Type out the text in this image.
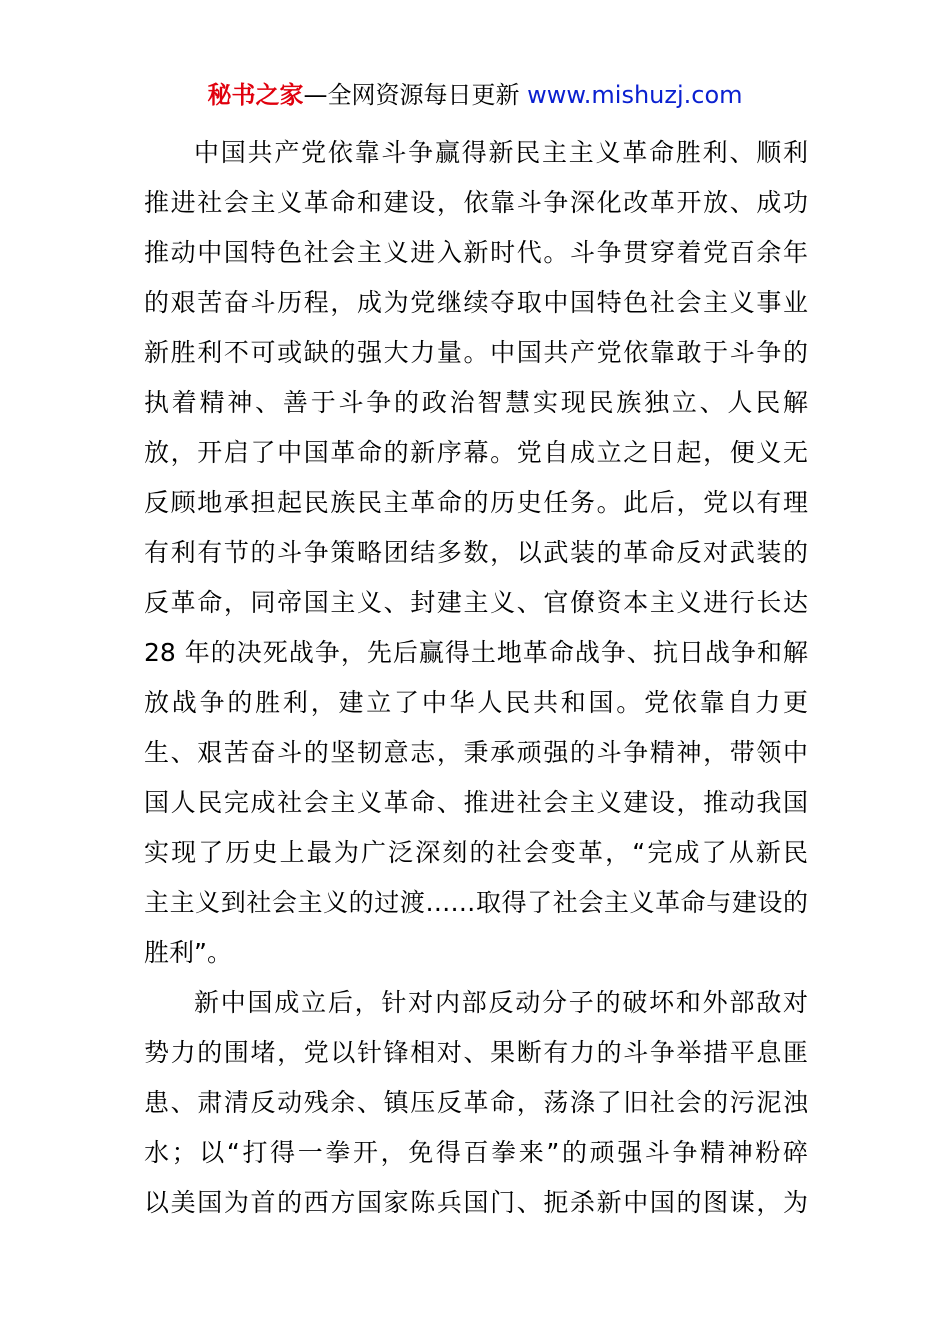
秘书之家—全网资源每日更新 www.mishuzj.com
中国共产党依靠斗争赢得新民主主义革命胜利、顺利
推进社会主义革命和建设，依靠斗争深化改革开放、成功
推动中国特色社会主义进入新时代。斗争贯穿着党百余年
的艰苦奋斗历程，成为党继续夺取中国特色社会主义事业
新胜利不可或缺的强大力量。中国共产党依靠敢于斗争的
执着精神、善于斗争的政治智慧实现民族独立、人民解
放，开启了中国革命的新序幕。党自成立之日起，便义无
反顾地承担起民族民主革命的历史任务。此后，党以有理
有利有节的斗争策略团结多数，以武装的革命反对武装的
反革命，同帝国主义、封建主义、官僚资本主义进行长达
28 年的决死战争，先后赢得土地革命战争、抗日战争和解
放战争的胜利，建立了中华人民共和国。党依靠自力更
生、艰苦奋斗的坚韧意志，秉承顽强的斗争精神，带领中
国人民完成社会主义革命、推进社会主义建设，推动我国
实现了历史上最为广泛深刻的社会变革，“完成了从新民
主主义到社会主义的过渡……取得了社会主义革命与建设的
胜利”。
新中国成立后，针对内部反动分子的破坏和外部敌对
势力的围堵，党以针锋相对、果断有力的斗争举措平息匪
患、肃清反动残余、镇压反革命，荡涤了旧社会的污泥浊
水；以“打得一拳开，免得百拳来”的顽强斗争精神粉碎
以美国为首的西方国家陈兵国门、扼杀新中国的图谋，为
